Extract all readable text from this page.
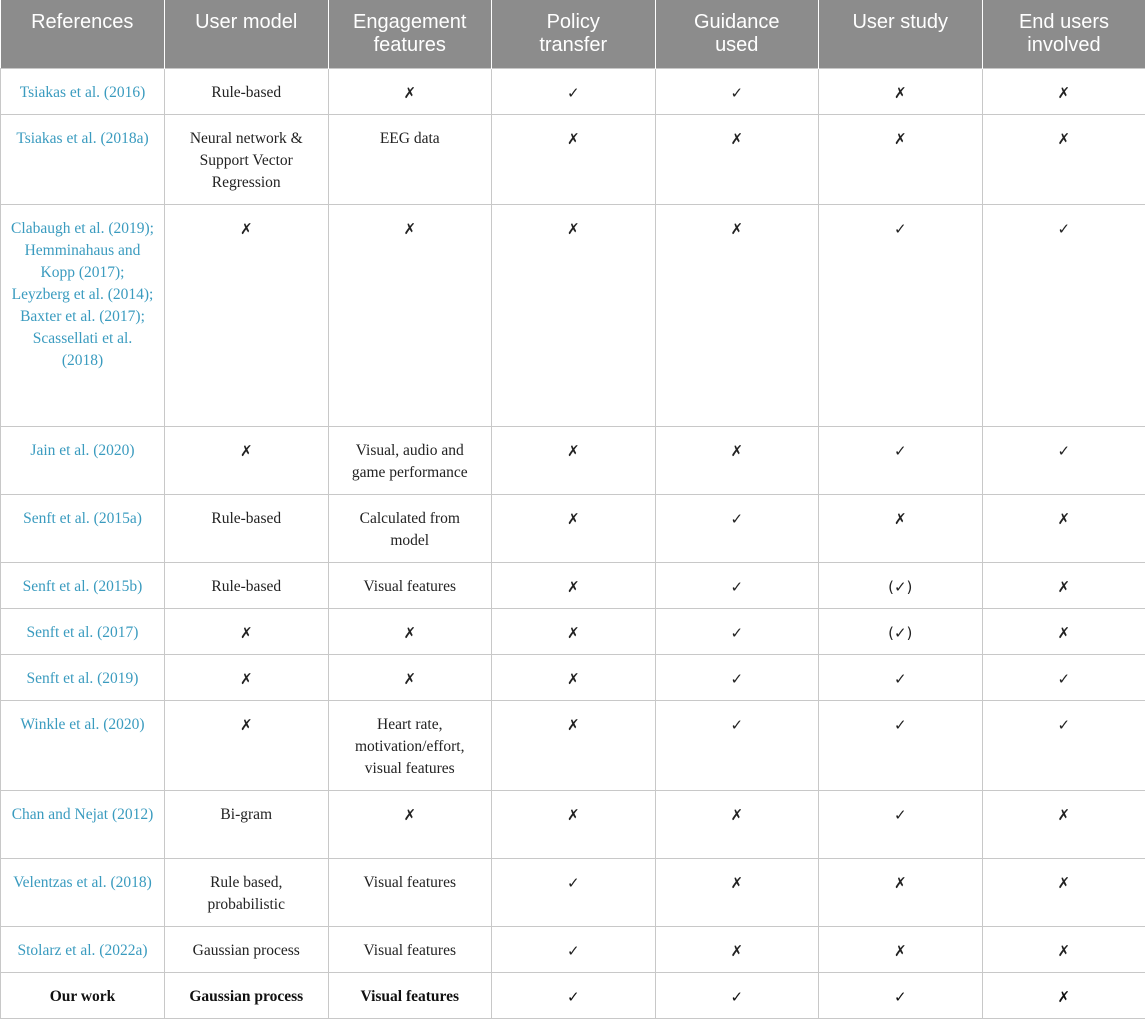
References	User model	Engagement features	Policy transfer	Guidance used	User study	End users involved
Tsiakas et al. (2016)	Rule-based	✗	✓	✓	✗	✗
Tsiakas et al. (2018a)	Neural network & Support Vector Regression	EEG data	✗	✗	✗	✗
Clabaugh et al. (2019); Hemminahaus and Kopp (2017); Leyzberg et al. (2014); Baxter et al. (2017); Scassellati et al. (2018)	✗	✗	✗	✗	✓	✓
Jain et al. (2020)	✗	Visual, audio and game performance	✗	✗	✓	✓
Senft et al. (2015a)	Rule-based	Calculated from model	✗	✓	✗	✗
Senft et al. (2015b)	Rule-based	Visual features	✗	✓	(✓)	✗
Senft et al. (2017)	✗	✗	✗	✓	(✓)	✗
Senft et al. (2019)	✗	✗	✗	✓	✓	✓
Winkle et al. (2020)	✗	Heart rate, motivation/effort, visual features	✗	✓	✓	✓
Chan and Nejat (2012)	Bi-gram	✗	✗	✗	✓	✗
Velentzas et al. (2018)	Rule based, probabilistic	Visual features	✓	✗	✗	✗
Stolarz et al. (2022a)	Gaussian process	Visual features	✓	✗	✗	✗
Our work	Gaussian process	Visual features	✓	✓	✓	✗
